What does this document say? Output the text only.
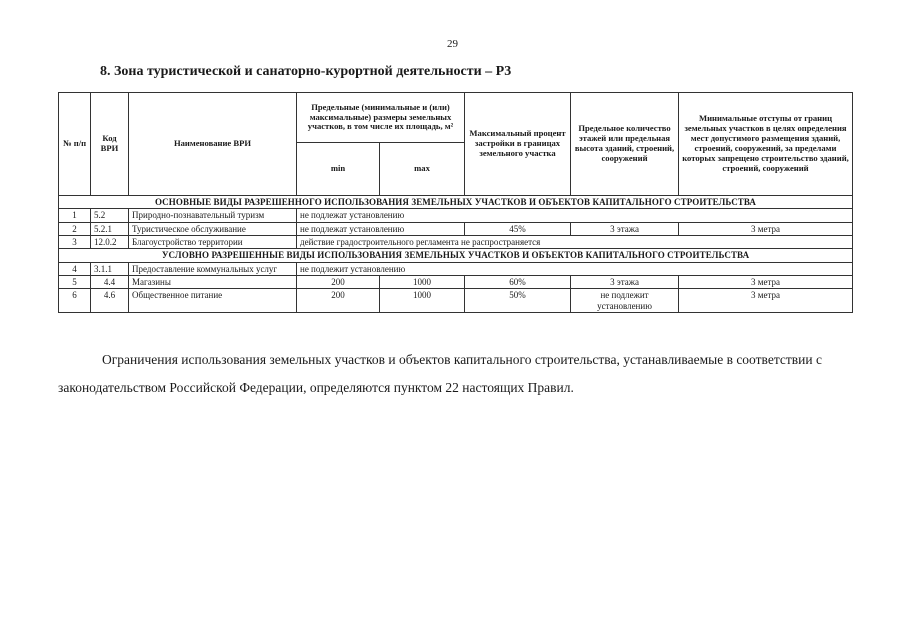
29
8. Зона туристической и санаторно-курортной деятельности – Р3
№ п/п	Код ВРИ	Наименование ВРИ	Предельные (минимальные и (или) максимальные) размеры земельных участков, в том числе их площадь, м²		Максимальный процент застройки в границах земельного участка	Предельное количество этажей или предельная высота зданий, строений, сооружений	Минимальные отступы от границ земельных участков в целях определения мест допустимого размещения зданий, строений, сооружений, за пределами которых запрещено строительство зданий, строений, сооружений
			min	max			
ОСНОВНЫЕ ВИДЫ РАЗРЕШЕННОГО ИСПОЛЬЗОВАНИЯ ЗЕМЕЛЬНЫХ УЧАСТКОВ И ОБЪЕКТОВ КАПИТАЛЬНОГО СТРОИТЕЛЬСТВА							
1	5.2	Природно-познавательный туризм	не подлежат установлению				
2	5.2.1	Туристическое обслуживание	не подлежат установлению		45%	3 этажа	3 метра
3	12.0.2	Благоустройство территории	действие градостроительного регламента не распространяется				
УСЛОВНО РАЗРЕШЕННЫЕ ВИДЫ ИСПОЛЬЗОВАНИЯ ЗЕМЕЛЬНЫХ УЧАСТКОВ И ОБЪЕКТОВ КАПИТАЛЬНОГО СТРОИТЕЛЬСТВА							
4	3.1.1	Предоставление коммунальных услуг	не подлежит установлению				
5	4.4	Магазины	200	1000	60%	3 этажа	3 метра
6	4.6	Общественное питание	200	1000	50%	не подлежит установлению	3 метра
Ограничения использования земельных участков и объектов капитального строительства, устанавливаемые в соответствии с законодательством Российской Федерации, определяются пунктом 22 настоящих Правил.
